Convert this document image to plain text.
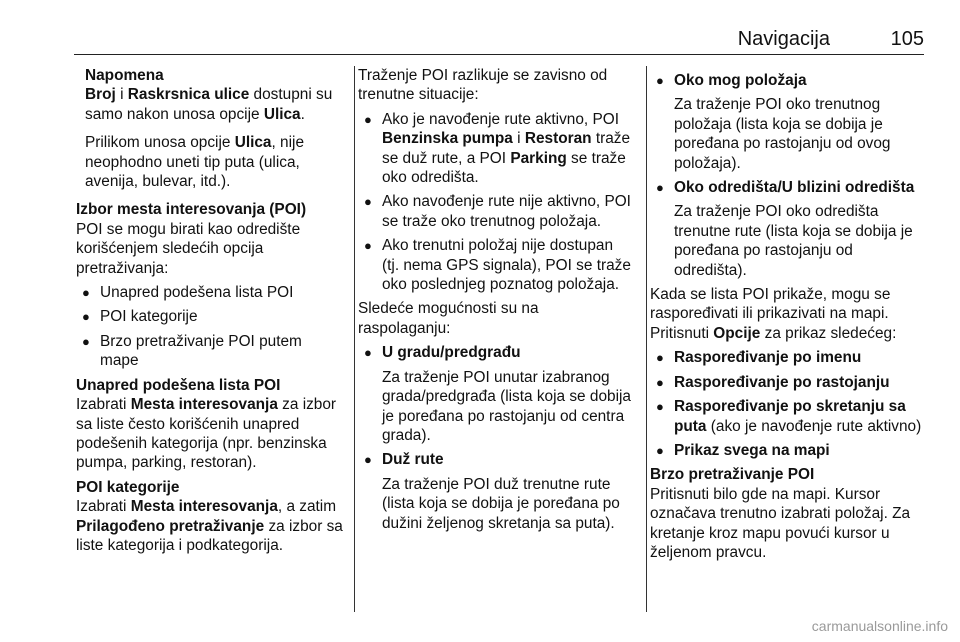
Navigacija	105
Napomena

Broj i Raskrsnica ulice dostupni su samo nakon unosa opcije Ulica.

Prilikom unosa opcije Ulica, nije neophodno uneti tip puta (ulica, avenija, bulevar, itd.).

Izbor mesta interesovanja (POI)

POI se mogu birati kao odredište korišćenjem sledećih opcija pretraživanja:

● Unapred podešena lista POI
● POI kategorije
● Brzo pretraživanje POI putem mape
Unapred podešena lista POI

Izabrati Mesta interesovanja za izbor sa liste često korišćenih unapred podešenih kategorija (npr. benzinska pumpa, parking, restoran).

POI kategorije

Izabrati Mesta interesovanja, a zatim Prilagođeno pretraživanje za izbor sa liste kategorija i podkategorija.

Traženje POI razlikuje se zavisno od trenutne situacije:

● Ako je navođenje rute aktivno, POI Benzinska pumpa i Restoran traže se duž rute, a POI Parking se traže oko odredišta.
● Ako navođenje rute nije aktivno, POI se traže oko trenutnog položaja.
● Ako trenutni položaj nije dostupan (tj. nema GPS signala), POI se traže oko poslednjeg poznatog položaja.

Sledeće mogućnosti su na raspolaganju:

● U gradu/predgrađu
Za traženje POI unutar izabranog grada/predgrađa (lista koja se dobija je poređana po rastojanju od centra grada).
● Duž rute
Za traženje POI duž trenutne rute (lista koja se dobija je poređana po dužini željenog skretanja sa puta).
● Oko mog položaja
Za traženje POI oko trenutnog položaja (lista koja se dobija je poređana po rastojanju od ovog položaja).
● Oko odredišta/U blizini odredišta
Za traženje POI oko odredišta trenutne rute (lista koja se dobija je poređana po rastojanju od odredišta).

Kada se lista POI prikaže, mogu se raspoređivati ili prikazivati na mapi. Pritisnuti Opcije za prikaz sledećeg:

● Raspoređivanje po imenu
● Raspoređivanje po rastojanju
● Raspoređivanje po skretanju sa puta (ako je navođenje rute aktivno)
● Prikaz svega na mapi
Brzo pretraživanje POI

Pritisnuti bilo gde na mapi. Kursor označava trenutno izabrati položaj. Za kretanje kroz mapu povući kursor u željenom pravcu.

carmanualsonline.info
